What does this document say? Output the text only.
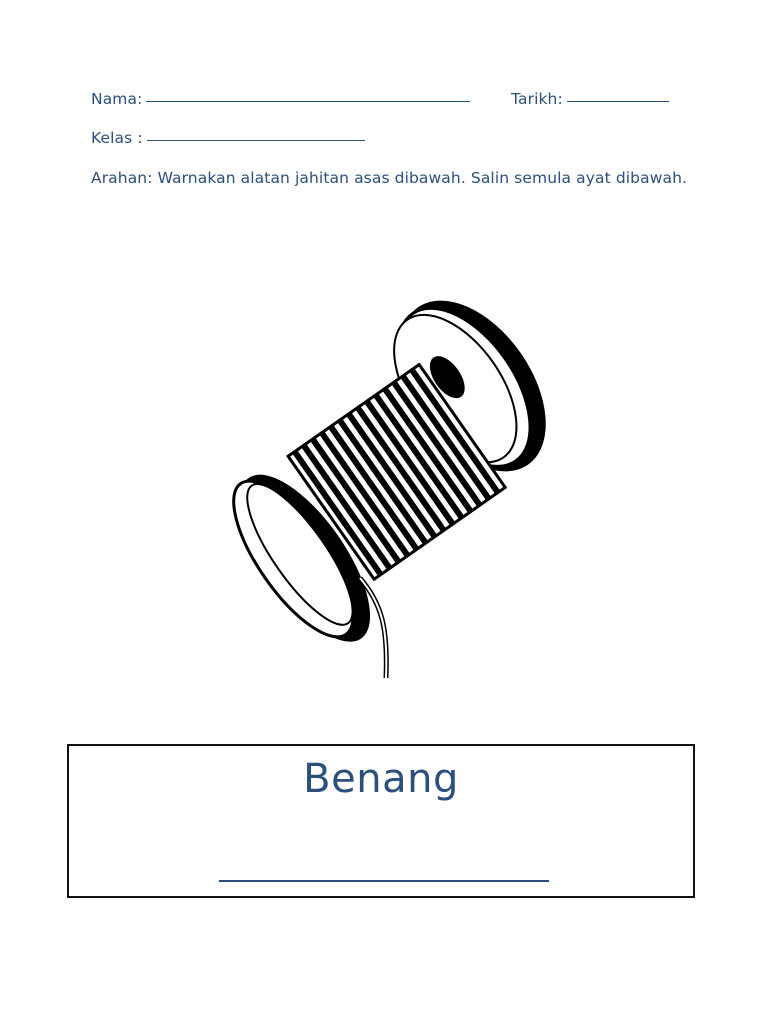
Nama:	Tarikh:
Kelas :
Arahan: Warnakan alatan jahitan asas dibawah. Salin semula ayat dibawah.
Benang
